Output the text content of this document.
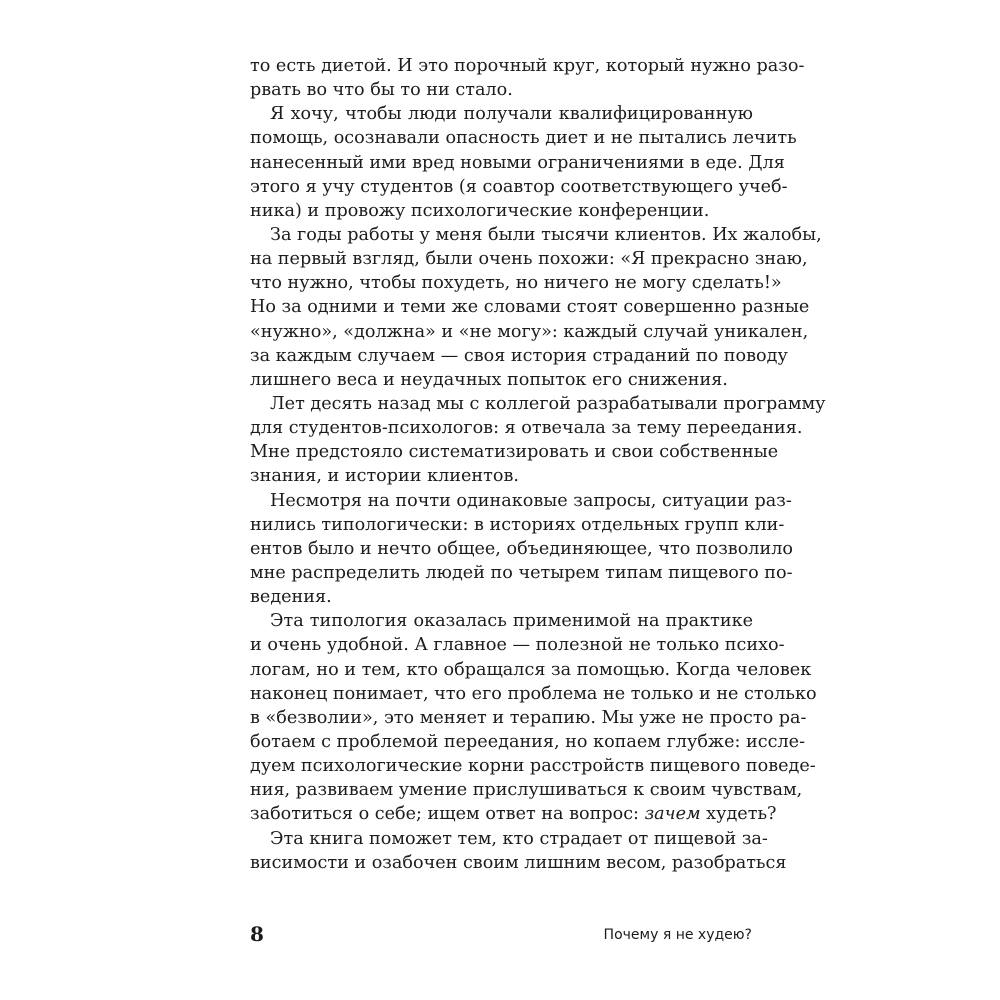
то есть диетой. И это порочный круг, который нужно разо-
рвать во что бы то ни стало.
Я хочу, чтобы люди получали квалифицированную
помощь, осознавали опасность диет и не пытались лечить
нанесенный ими вред новыми ограничениями в еде. Для
этого я учу студентов (я соавтор соответствующего учеб-
ника) и провожу психологические конференции.
За годы работы у меня были тысячи клиентов. Их жалобы,
на первый взгляд, были очень похожи: «Я прекрасно знаю,
что нужно, чтобы похудеть, но ничего не могу сделать!»
Но за одними и теми же словами стоят совершенно разные
«нужно», «должна» и «не могу»: каждый случай уникален,
за каждым случаем — своя история страданий по поводу
лишнего веса и неудачных попыток его снижения.
Лет десять назад мы с коллегой разрабатывали программу
для студентов-психологов: я отвечала за тему переедания.
Мне предстояло систематизировать и свои собственные
знания, и истории клиентов.
Несмотря на почти одинаковые запросы, ситуации раз-
нились типологически: в историях отдельных групп кли-
ентов было и нечто общее, объединяющее, что позволило
мне распределить людей по четырем типам пищевого по-
ведения.
Эта типология оказалась применимой на практике
и очень удобной. А главное — полезной не только психо-
логам, но и тем, кто обращался за помощью. Когда человек
наконец понимает, что его проблема не только и не столько
в «безволии», это меняет и терапию. Мы уже не просто ра-
ботаем с проблемой переедания, но копаем глубже: иссле-
дуем психологические корни расстройств пищевого поведе-
ния, развиваем умение прислушиваться к своим чувствам,
заботиться о себе; ищем ответ на вопрос: зачем худеть?
Эта книга поможет тем, кто страдает от пищевой за-
висимости и озабочен своим лишним весом, разобраться
8	Почему я не худею?
